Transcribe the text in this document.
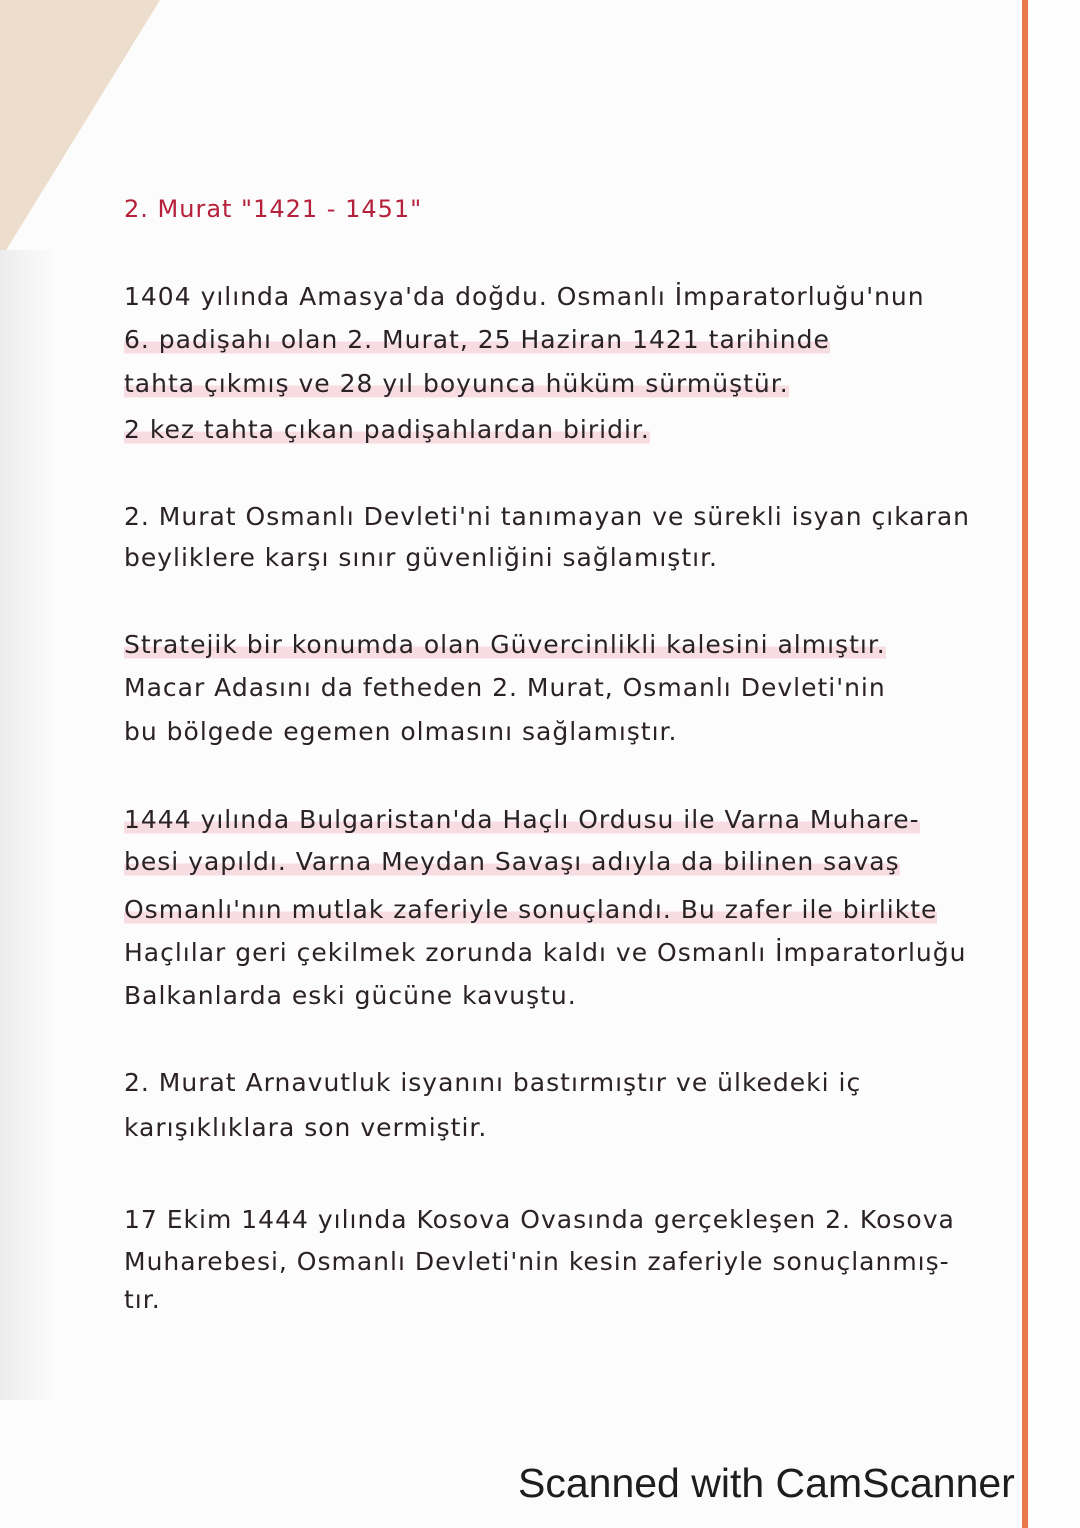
2. Murat "1421 - 1451"
1404 yılında Amasya'da doğdu. Osmanlı İmparatorluğu'nun
6. padişahı olan 2. Murat, 25 Haziran 1421 tarihinde
tahta çıkmış ve 28 yıl boyunca hüküm sürmüştür.
2 kez tahta çıkan padişahlardan biridir.
2. Murat Osmanlı Devleti'ni tanımayan ve sürekli isyan çıkaran
beyliklere karşı sınır güvenliğini sağlamıştır.
Stratejik bir konumda olan Güvercinlikli kalesini almıştır.
Macar Adasını da fetheden 2. Murat, Osmanlı Devleti'nin
bu bölgede egemen olmasını sağlamıştır.
1444 yılında Bulgaristan'da Haçlı Ordusu ile Varna Muhare-
besi yapıldı. Varna Meydan Savaşı adıyla da bilinen savaş
Osmanlı'nın mutlak zaferiyle sonuçlandı. Bu zafer ile birlikte
Haçlılar geri çekilmek zorunda kaldı ve Osmanlı İmparatorluğu
Balkanlarda eski gücüne kavuştu.
2. Murat Arnavutluk isyanını bastırmıştır ve ülkedeki iç
karışıklıklara son vermiştir.
17 Ekim 1444 yılında Kosova Ovasında gerçekleşen 2. Kosova
Muharebesi, Osmanlı Devleti'nin kesin zaferiyle sonuçlanmış-
tır.
Scanned with CamScanner
